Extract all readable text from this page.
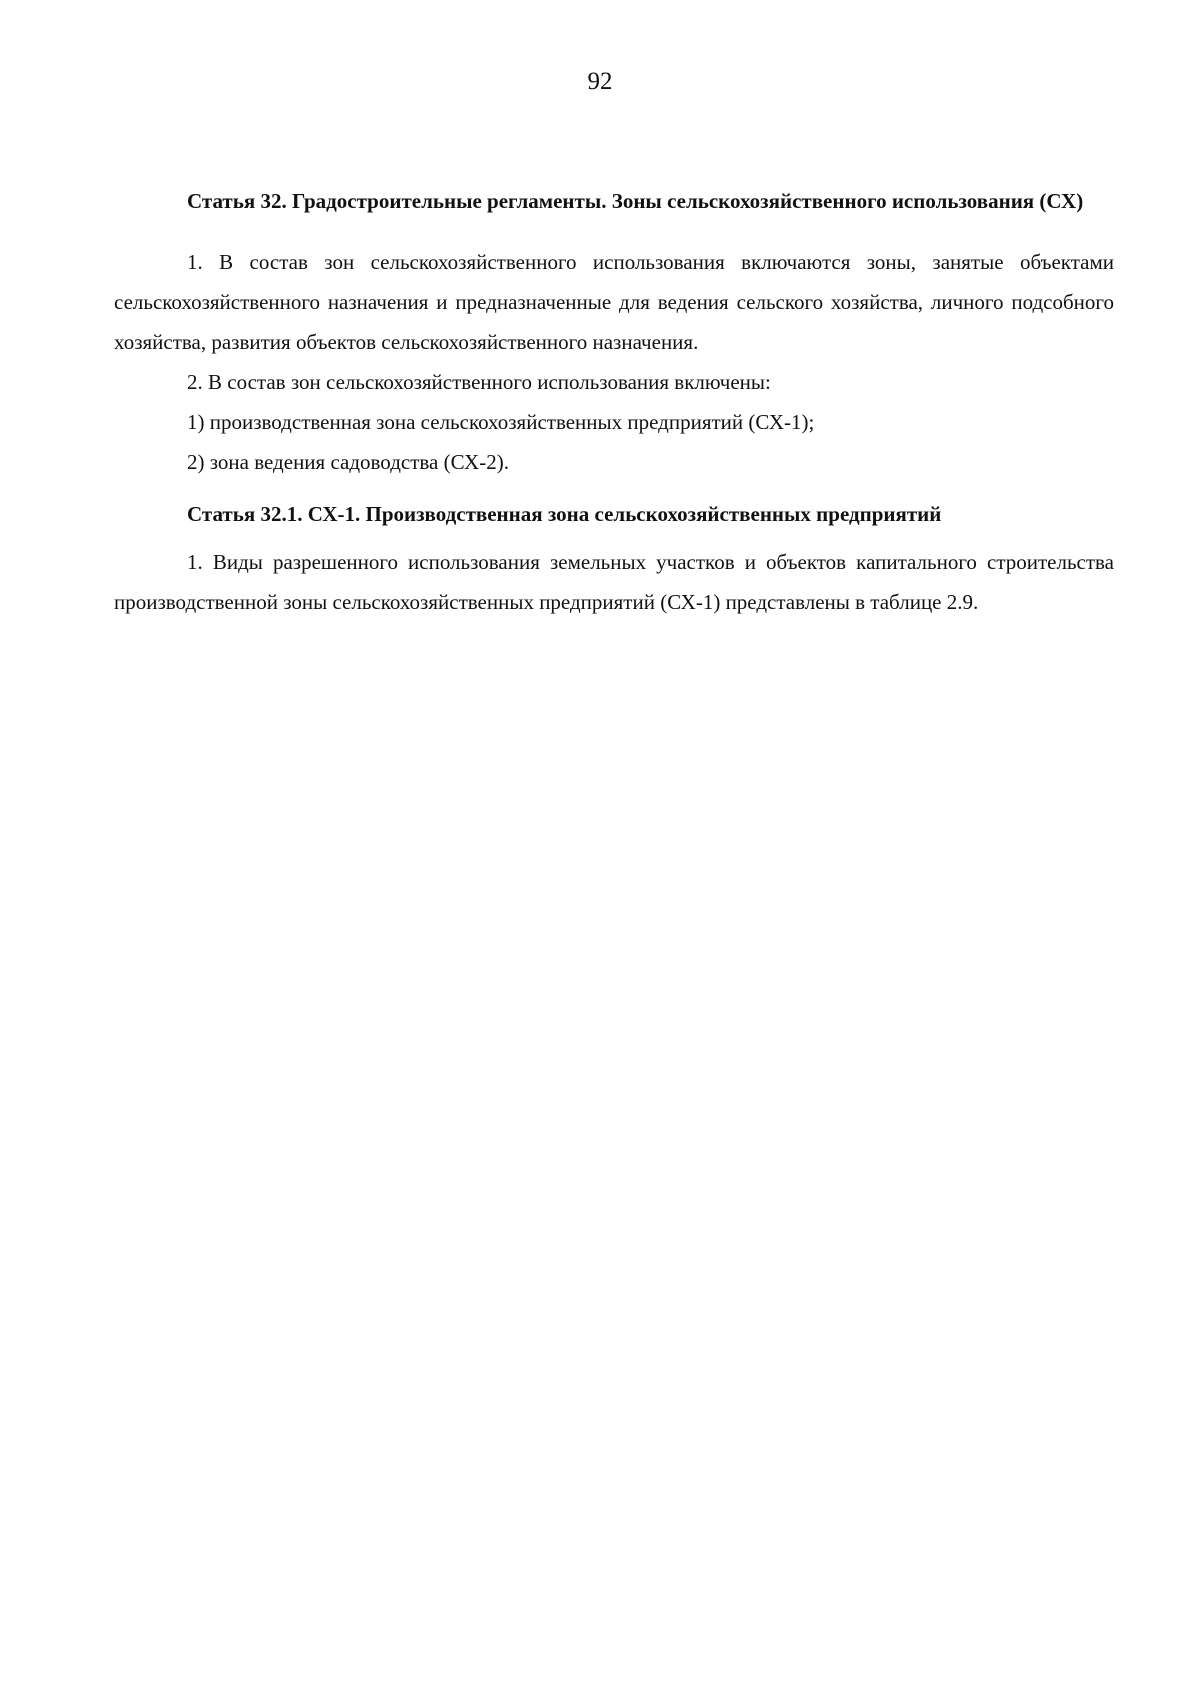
92

Статья 32. Градостроительные регламенты. Зоны сельскохозяйственного использования (СХ)

1. В состав зон сельскохозяйственного использования включаются зоны, занятые объектами сельскохозяйственного назначения и предназначенные для ведения сельского хозяйства, личного подсобного хозяйства, развития объектов сельскохозяйственного назначения.

2. В состав зон сельскохозяйственного использования включены:

1) производственная зона сельскохозяйственных предприятий (СХ-1);

2) зона ведения садоводства (СХ-2).

Статья 32.1. СХ-1. Производственная зона сельскохозяйственных предприятий

1. Виды разрешенного использования земельных участков и объектов капитального строительства производственной зоны сельскохозяйственных предприятий (СХ-1) представлены в таблице 2.9.
